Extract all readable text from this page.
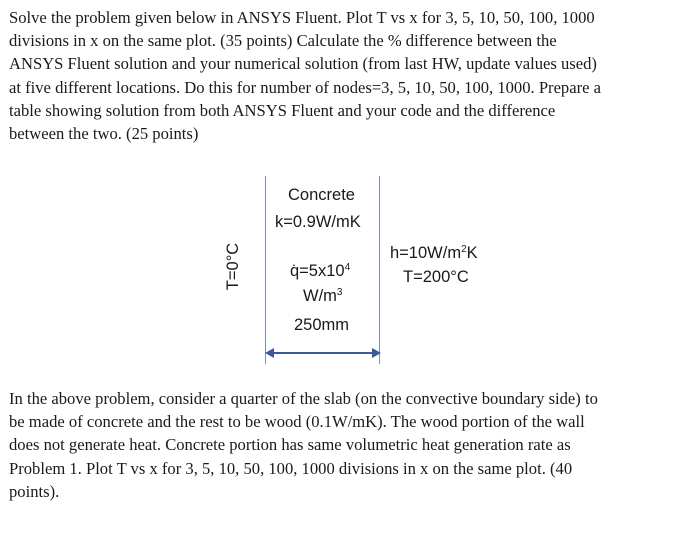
Solve the problem given below in ANSYS Fluent. Plot T vs x for 3, 5, 10, 50, 100, 1000
divisions in x on the same plot. (35 points) Calculate the % difference between the
ANSYS Fluent solution and your numerical solution (from last HW, update values used)
at five different locations. Do this for number of nodes=3, 5, 10, 50, 100, 1000. Prepare a
table showing solution from both ANSYS Fluent and your code and the difference
between the two. (25 points)
Concrete
k=0.9W/mK
T=0°C	$q̇=5x10^4$
$W/m^3$
250mm
$h=10W/m^2K$
T=200°C
In the above problem, consider a quarter of the slab (on the convective boundary side) to
be made of concrete and the rest to be wood (0.1W/mK). The wood portion of the wall
does not generate heat. Concrete portion has same volumetric heat generation rate as
Problem 1. Plot T vs x for 3, 5, 10, 50, 100, 1000 divisions in x on the same plot. (40
points).
